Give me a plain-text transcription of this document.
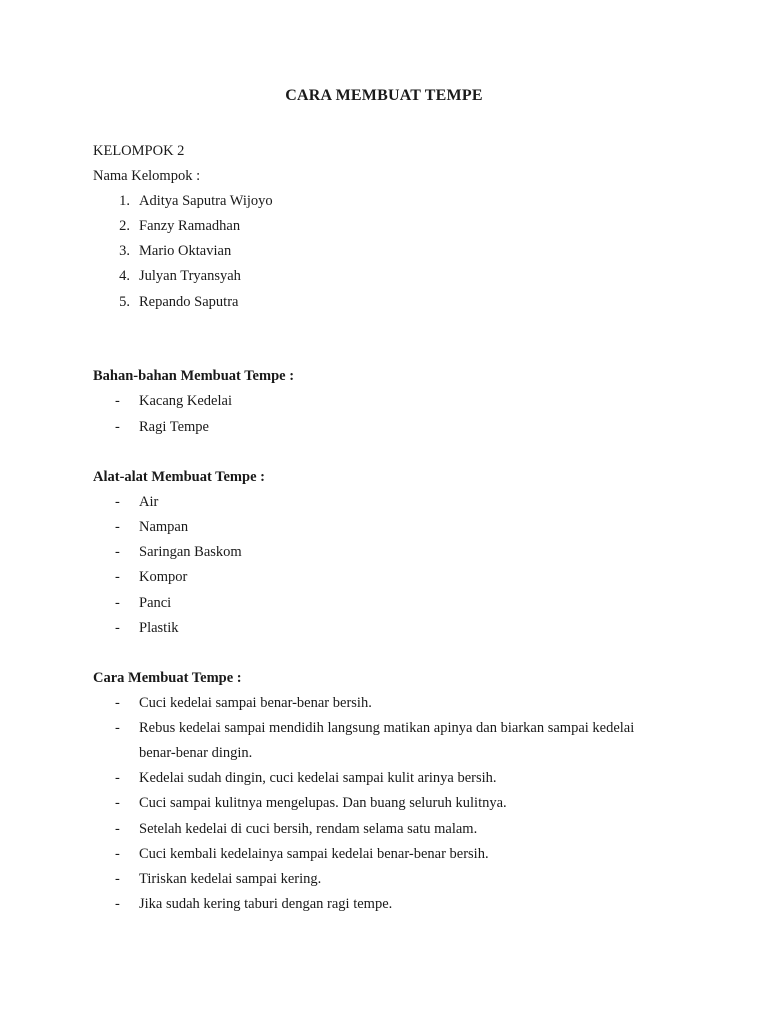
CARA MEMBUAT TEMPE
KELOMPOK 2
Nama Kelompok :
1. Aditya Saputra Wijoyo
2. Fanzy Ramadhan
3. Mario Oktavian
4. Julyan Tryansyah
5. Repando Saputra
Bahan-bahan Membuat Tempe :
-	Kacang Kedelai
-	Ragi Tempe
Alat-alat Membuat Tempe :
-	Air
-	Nampan
-	Saringan Baskom
-	Kompor
-	Panci
-	Plastik
Cara Membuat Tempe :
-	Cuci kedelai sampai benar-benar bersih.
-	Rebus kedelai sampai mendidih langsung matikan apinya dan biarkan sampai kedelai
benar-benar dingin.
-	Kedelai sudah dingin, cuci kedelai sampai kulit arinya bersih.
-	Cuci sampai kulitnya mengelupas. Dan buang seluruh kulitnya.
-	Setelah kedelai di cuci bersih, rendam selama satu malam.
-	Cuci kembali kedelainya sampai kedelai benar-benar bersih.
-	Tiriskan kedelai sampai kering.
-	Jika sudah kering taburi dengan ragi tempe.
